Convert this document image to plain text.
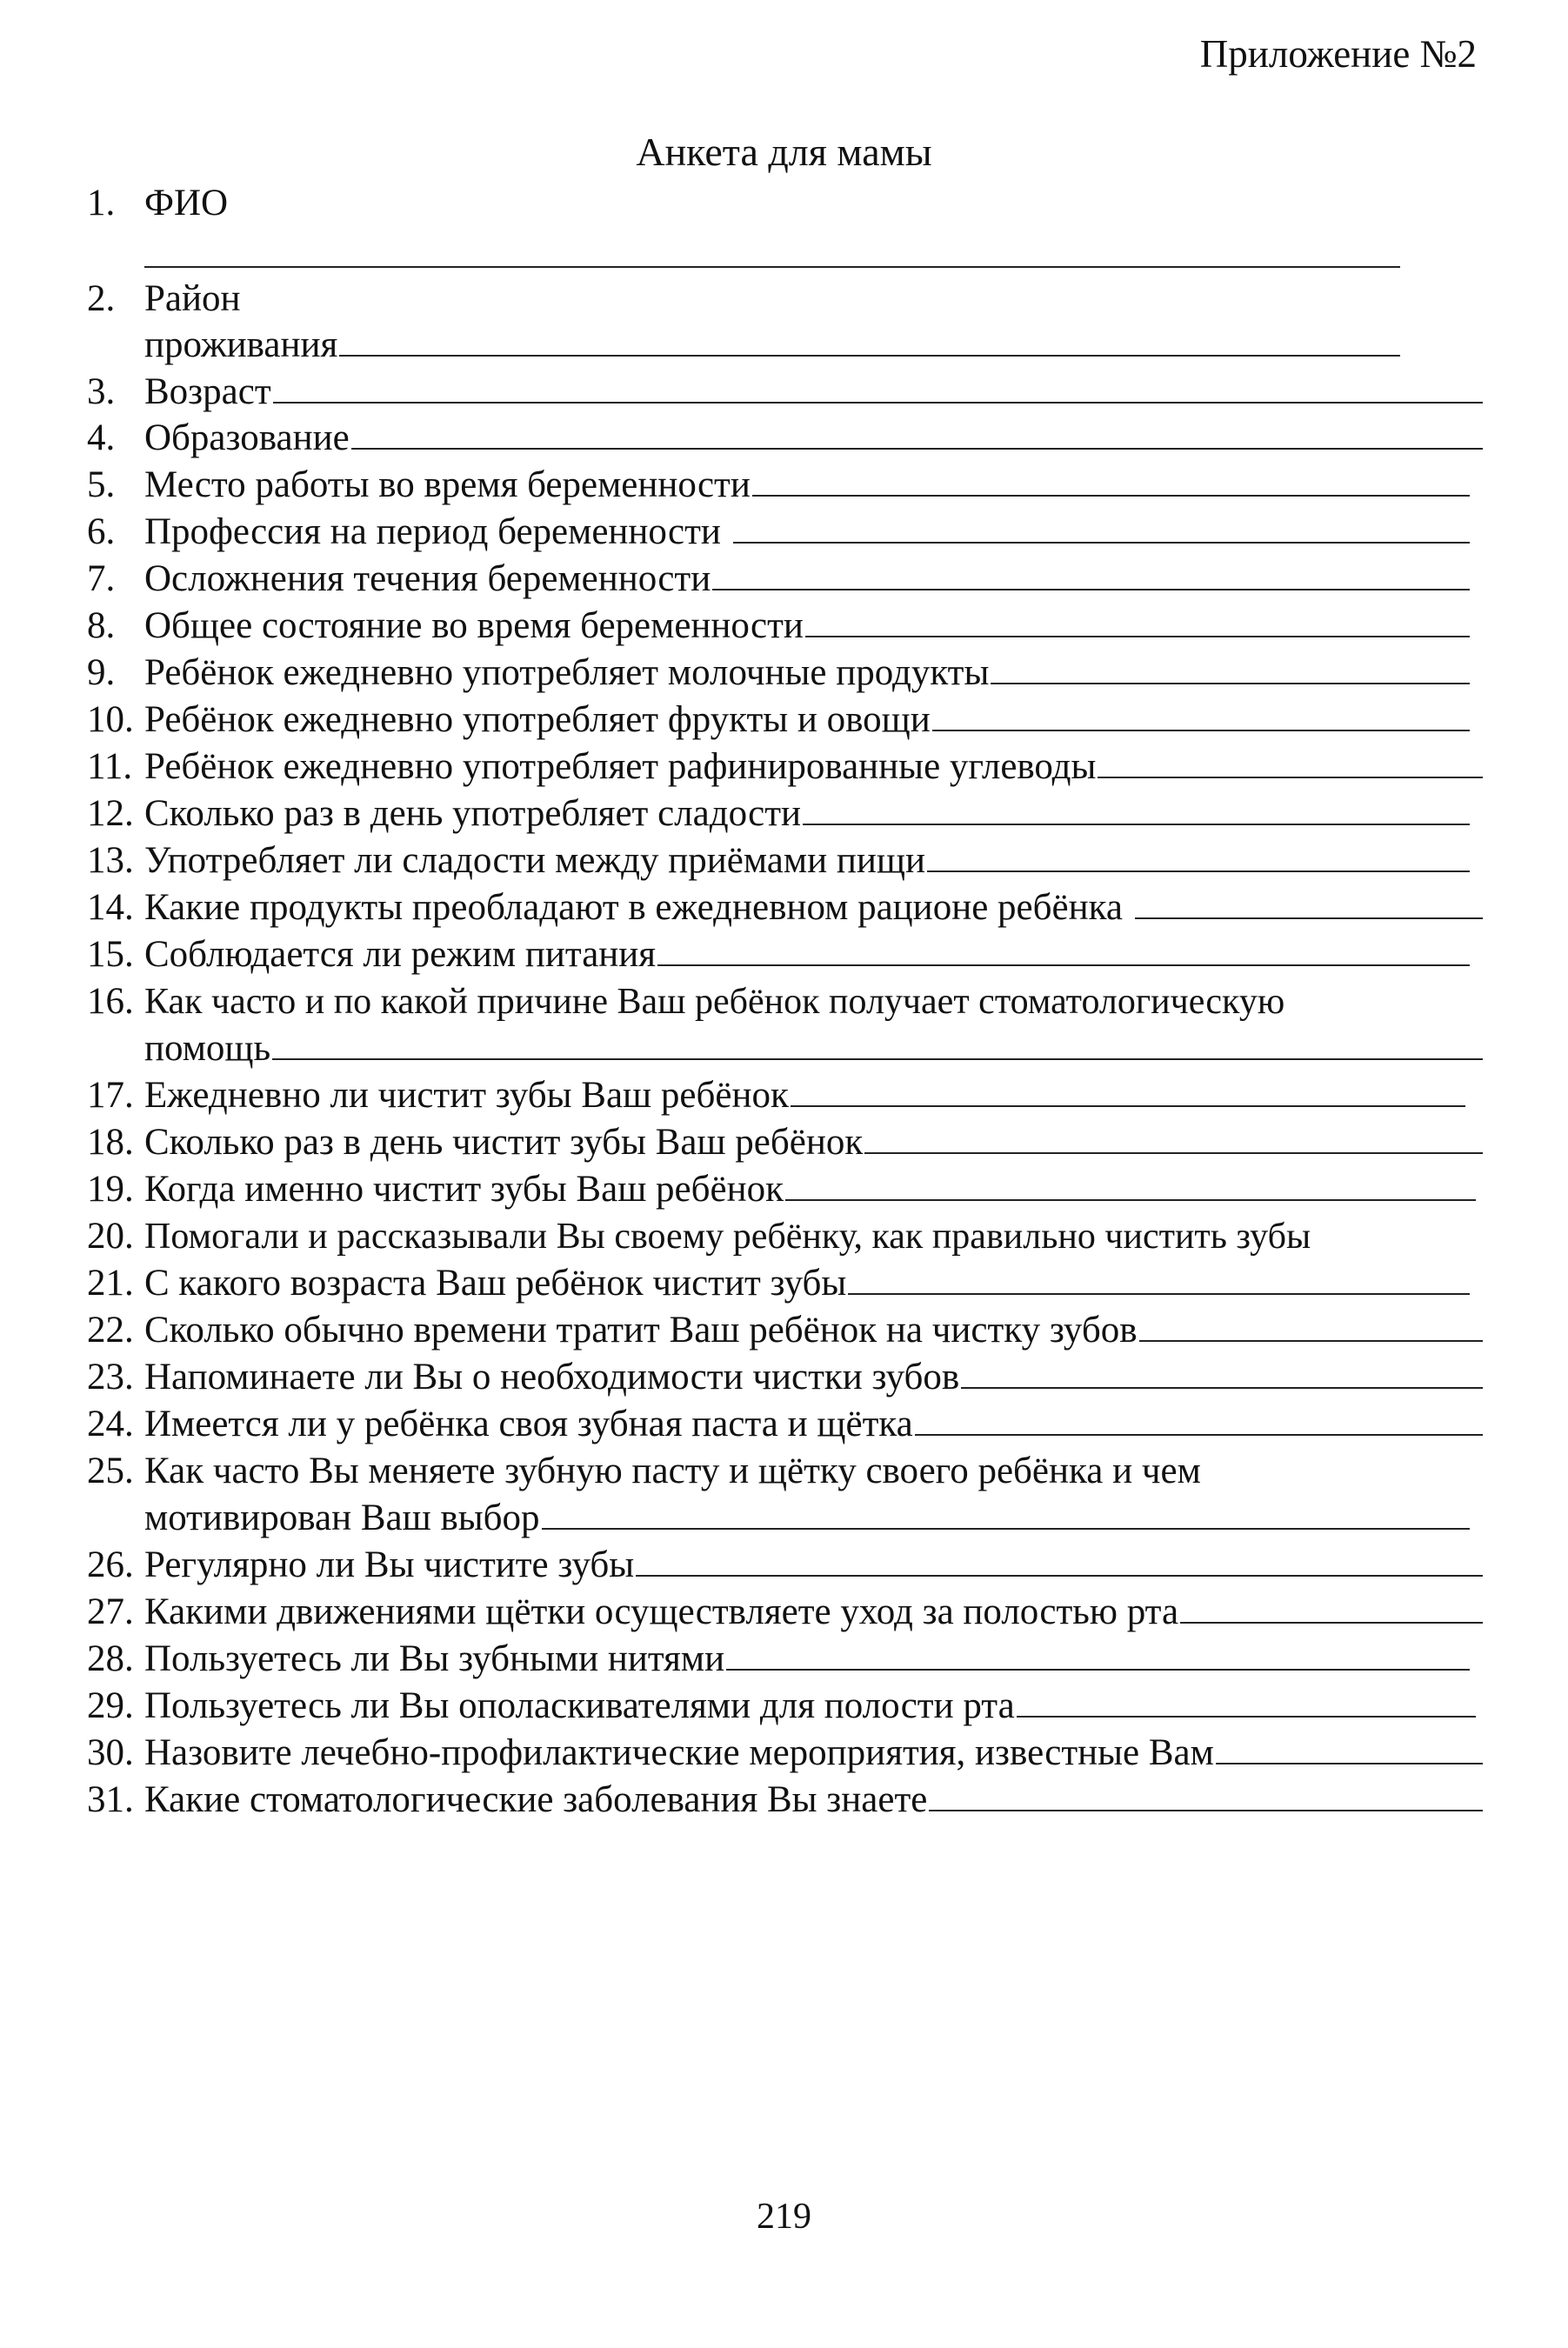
Приложение №2
Анкета для мамы
1. ФИО
2. Район
проживания
3. Возраст
4. Образование
5. Место работы во время беременности
6. Профессия на период беременности
7. Осложнения течения беременности
8. Общее состояние во время беременности
9. Ребёнок ежедневно употребляет молочные продукты
10. Ребёнок ежедневно употребляет фрукты и овощи
11. Ребёнок ежедневно употребляет рафинированные углеводы
12. Сколько раз в день употребляет сладости
13. Употребляет ли сладости между приёмами пищи
14. Какие продукты преобладают в ежедневном рационе ребёнка
15. Соблюдается ли режим питания
16. Как часто и по какой причине Ваш ребёнок получает стоматологическую
помощь
17. Ежедневно ли чистит зубы Ваш ребёнок
18. Сколько раз в день чистит зубы Ваш ребёнок
19. Когда именно чистит зубы Ваш ребёнок
20. Помогали и рассказывали Вы своему ребёнку, как правильно чистить зубы
21. С какого возраста Ваш ребёнок чистит зубы
22. Сколько обычно времени тратит Ваш ребёнок на чистку зубов
23. Напоминаете ли Вы о необходимости чистки зубов
24. Имеется ли у ребёнка своя зубная паста и щётка
25. Как часто Вы меняете зубную пасту и щётку своего ребёнка и чем
мотивирован Ваш выбор
26. Регулярно ли Вы чистите зубы
27. Какими движениями щётки осуществляете уход за полостью рта
28. Пользуетесь ли Вы зубными нитями
29. Пользуетесь ли Вы ополаскивателями для полости рта
30. Назовите лечебно-профилактические мероприятия, известные Вам
31. Какие стоматологические заболевания Вы знаете
219
